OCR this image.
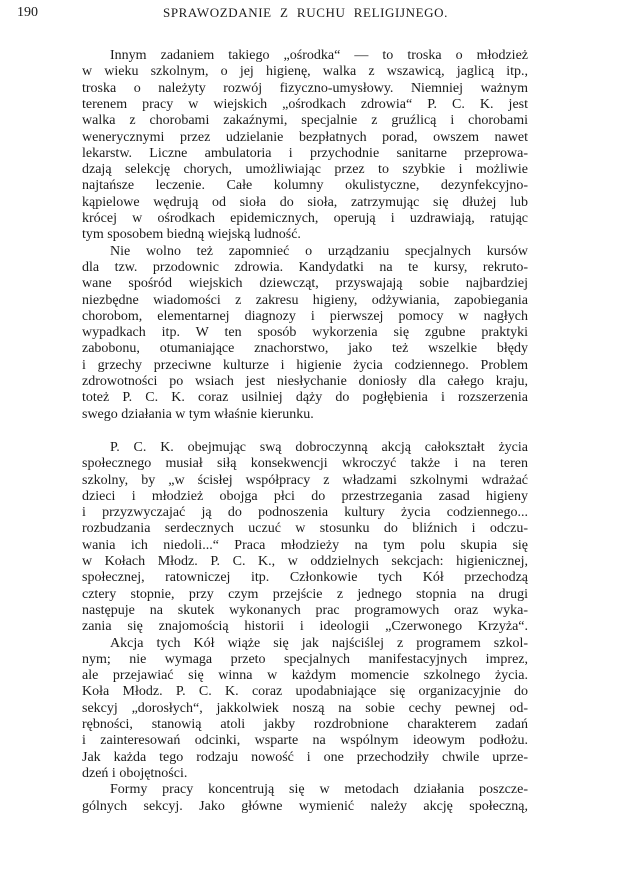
190	SPRAWOZDANIE Z RUCHU RELIGIJNEGO.
Innym zadaniem takiego „ośrodka“ — to troska o młodzież
w wieku szkolnym, o jej higienę, walka z wszawicą, jaglicą itp.,
troska o należyty rozwój fizyczno-umysłowy. Niemniej ważnym
terenem pracy w wiejskich „ośrodkach zdrowia“ P. C. K. jest
walka z chorobami zakaźnymi, specjalnie z gruźlicą i chorobami
wenerycznymi przez udzielanie bezpłatnych porad, owszem nawet
lekarstw. Liczne ambulatoria i przychodnie sanitarne przeprowa-
dzają selekcję chorych, umożliwiając przez to szybkie i możliwie
najtańsze leczenie. Całe kolumny okulistyczne, dezynfekcyjno-
kąpielowe wędrują od sioła do sioła, zatrzymując się dłużej lub
krócej w ośrodkach epidemicznych, operują i uzdrawiają, ratując
tym sposobem biedną wiejską ludność.
Nie wolno też zapomnieć o urządzaniu specjalnych kursów
dla tzw. przodownic zdrowia. Kandydatki na te kursy, rekruto-
wane spośród wiejskich dziewcząt, przyswajają sobie najbardziej
niezbędne wiadomości z zakresu higieny, odżywiania, zapobiegania
chorobom, elementarnej diagnozy i pierwszej pomocy w nagłych
wypadkach itp. W ten sposób wykorzenia się zgubne praktyki
zabobonu, otumaniające znachorstwo, jako też wszelkie błędy
i grzechy przeciwne kulturze i higienie życia codziennego. Problem
zdrowotności po wsiach jest niesłychanie doniosły dla całego kraju,
toteż P. C. K. coraz usilniej dąży do pogłębienia i rozszerzenia
swego działania w tym właśnie kierunku.
P. C. K. obejmując swą dobroczynną akcją całokształt życia
społecznego musiał siłą konsekwencji wkroczyć także i na teren
szkolny, by „w ścisłej współpracy z władzami szkolnymi wdrażać
dzieci i młodzież obojga płci do przestrzegania zasad higieny
i przyzwyczajać ją do podnoszenia kultury życia codziennego...
rozbudzania serdecznych uczuć w stosunku do bliźnich i odczu-
wania ich niedoli...“ Praca młodzieży na tym polu skupia się
w Kołach Młodz. P. C. K., w oddzielnych sekcjach: higienicznej,
społecznej, ratowniczej itp. Członkowie tych Kół przechodzą
cztery stopnie, przy czym przejście z jednego stopnia na drugi
następuje na skutek wykonanych prac programowych oraz wyka-
zania się znajomością historii i ideologii „Czerwonego Krzyża“.
Akcja tych Kół wiąże się jak najściślej z programem szkol-
nym; nie wymaga przeto specjalnych manifestacyjnych imprez,
ale przejawiać się winna w każdym momencie szkolnego życia.
Koła Młodz. P. C. K. coraz upodabniające się organizacyjnie do
sekcyj „dorosłych“, jakkolwiek noszą na sobie cechy pewnej od-
rębności, stanowią atoli jakby rozdrobnione charakterem zadań
i zainteresowań odcinki, wsparte na wspólnym ideowym podłożu.
Jak każda tego rodzaju nowość i one przechodziły chwile uprze-
dzeń i obojętności.
Formy pracy koncentrują się w metodach działania poszcze-
gólnych sekcyj. Jako główne wymienić należy akcję społeczną,
